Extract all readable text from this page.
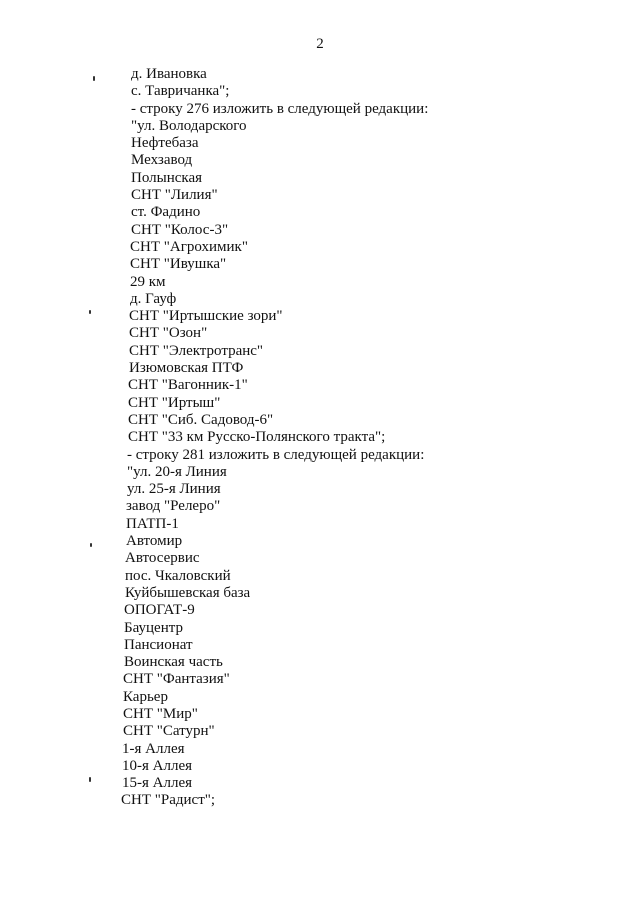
2
д. Ивановка
с. Тавричанка";
- строку 276 изложить в следующей редакции:
"ул. Володарского
Нефтебаза
Мехзавод
Полынская
СНТ "Лилия"
ст. Фадино
СНТ "Колос-3"
СНТ "Агрохимик"
СНТ "Ивушка"
29 км
д. Гауф
СНТ "Иртышские зори"
СНТ "Озон"
СНТ "Электротранс"
Изюмовская ПТФ
СНТ "Вагонник-1"
СНТ "Иртыш"
СНТ "Сиб. Садовод-6"
СНТ "33 км Русско-Полянского тракта";
- строку 281 изложить в следующей редакции:
"ул. 20-я Линия
ул. 25-я Линия
завод "Релеро"
ПАТП-1
Автомир
Автосервис
пос. Чкаловский
Куйбышевская база
ОПОГАТ-9
Бауцентр
Пансионат
Воинская часть
СНТ "Фантазия"
Карьер
СНТ "Мир"
СНТ "Сатурн"
1-я Аллея
10-я Аллея
15-я Аллея
СНТ "Радист";
